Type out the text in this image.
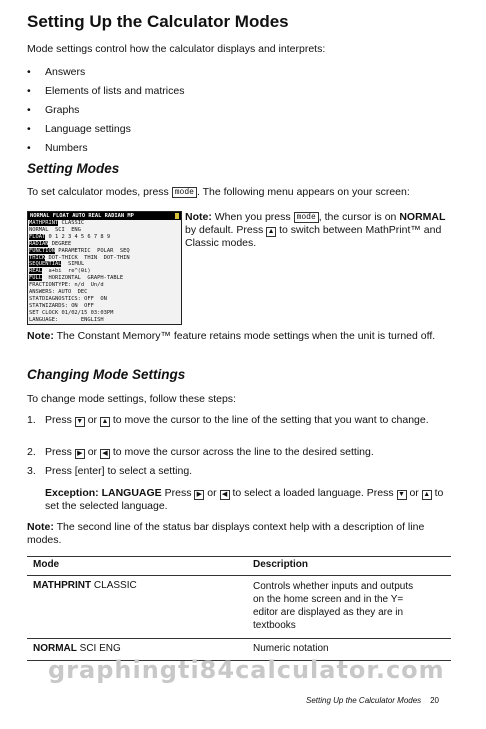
Setting Up the Calculator Modes
Mode settings control how the calculator displays and interprets:
• Answers
• Elements of lists and matrices
• Graphs
• Language settings
• Numbers
Setting Modes
To set calculator modes, press mode . The following menu appears on your screen:
NORMAL FLOAT AUTO REAL RADIAN MP
MATHPRINT CLASSIC
NORMAL  SCI  ENG
FLOAT 0 1 2 3 4 5 6 7 8 9
RADIAN DEGREE
FUNCTION PARAMETRIC  POLAR  SEQ
THICK DOT-THICK  THIN  DOT-THIN
SEQUENTIAL  SIMUL
REAL  a+bi  re^(θi)
FULL  HORIZONTAL  GRAPH-TABLE
FRACTIONTYPE: n/d  Un/d
ANSWERS: AUTO  DEC
STATDIAGNOSTICS: OFF  ON
STATWIZARDS: ON  OFF
SET CLOCK 01/02/15 03:03PM
LANGUAGE:       ENGLISH
Note: When you press mode , the cursor is on NORMAL by default. Press ▲ to switch between MathPrint™ and Classic modes.
Note: The Constant Memory™ feature retains mode settings when the unit is turned off.
Changing Mode Settings
To change mode settings, follow these steps:
1. Press ▼ or ▲ to move the cursor to the line of the setting that you want to change.
2. Press ▶ or ◀ to move the cursor across the line to the desired setting.
3. Press [enter] to select a setting.
Exception: LANGUAGE Press ▶ or ◀ to select a loaded language. Press ▼ or ▲ to set the selected language.
Note: The second line of the status bar displays context help with a description of line modes.
Mode	Description
MATHPRINT CLASSIC	Controls whether inputs and outputs on the home screen and in the Y= editor are displayed as they are in textbooks
NORMAL SCI ENG	Numeric notation
graphingti84calculator.com
Setting Up the Calculator Modes 20
